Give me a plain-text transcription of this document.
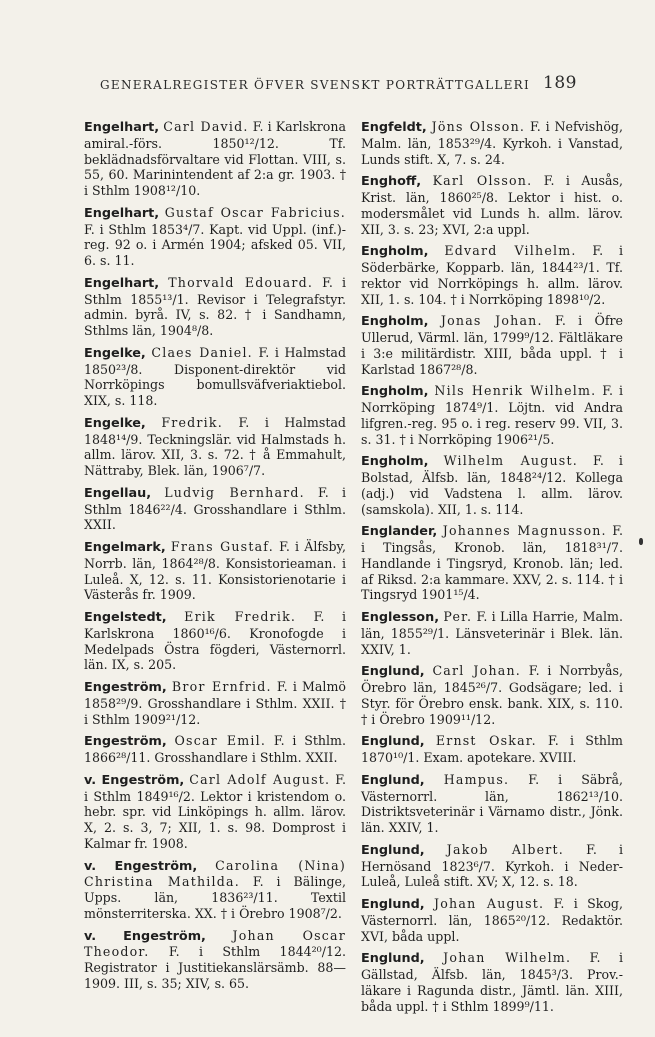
GENERALREGISTER ÖFVER SVENSKT PORTRÄTTGALLERI 189

Engelhart, Carl David. F. i Karlskrona amiral.-förs. 1850¹²/12. Tf. beklädnadsförvaltare vid Flottan. VIII, s. 55, 60. Marinintendent af 2:a gr. 1903. † i Sthlm 1908¹²/10.

Engelhart, Gustaf Oscar Fabricius. F. i Sthlm 1853⁴/7. Kapt. vid Uppl. (inf.)-reg. 92 o. i Armén 1904; afsked 05. VII, 6. s. 11.

Engelhart, Thorvald Edouard. F. i Sthlm 1855¹³/1. Revisor i Telegrafstyr. admin. byrå. IV, s. 82. † i Sandhamn, Sthlms län, 1904⁸/8.

Engelke, Claes Daniel. F. i Halmstad 1850²³/8. Disponent-direktör vid Norrköpings bomullsväfveriaktiebol. XIX, s. 118.

Engelke, Fredrik. F. i Halmstad 1848¹⁴/9. Teckningslär. vid Halmstads h. allm. lärov. XII, 3. s. 72. † å Emmahult, Nättraby, Blek. län, 1906⁷/7.

Engellau, Ludvig Bernhard. F. i Sthlm 1846²²/4. Grosshandlare i Sthlm. XXII.

Engelmark, Frans Gustaf. F. i Älfsby, Norrb. län, 1864²⁸/8. Konsistorieaman. i Luleå. X, 12. s. 11. Konsistorienotarie i Västerås fr. 1909.

Engelstedt, Erik Fredrik. F. i Karlskrona 1860¹⁶/6. Kronofogde i Medelpads Östra fögderi, Västernorrl. län. IX, s. 205.

Engeström, Bror Ernfrid. F. i Malmö 1858²⁹/9. Grosshandlare i Sthlm. XXII. † i Sthlm 1909²¹/12.

Engeström, Oscar Emil. F. i Sthlm. 1866²⁸/11. Grosshandlare i Sthlm. XXII.

v. Engeström, Carl Adolf August. F. i Sthlm 1849¹⁶/2. Lektor i kristendom o. hebr. spr. vid Linköpings h. allm. lärov. X, 2. s. 3, 7; XII, 1. s. 98. Domprost i Kalmar fr. 1908.

v. Engeström, Carolina (Nina) Christina Mathilda. F. i Bälinge, Upps. län, 1836²³/11. Textil mönsterriterska. XX. † i Örebro 1908⁷/2.

v. Engeström, Johan Oscar Theodor. F. i Sthlm 1844²⁰/12. Registrator i Justitiekanslärsämb. 88—1909. III, s. 35; XIV, s. 65.

Engfeldt, Jöns Olsson. F. i Nefvishög, Malm. län, 1853²⁹/4. Kyrkoh. i Vanstad, Lunds stift. X, 7. s. 24.

Enghoff, Karl Olsson. F. i Ausås, Krist. län, 1860²⁵/8. Lektor i hist. o. modersmålet vid Lunds h. allm. lärov. XII, 3. s. 23; XVI, 2:a uppl.

Engholm, Edvard Vilhelm. F. i Söderbärke, Kopparb. län, 1844²³/1. Tf. rektor vid Norrköpings h. allm. lärov. XII, 1. s. 104. † i Norrköping 1898¹⁰/2.

Engholm, Jonas Johan. F. i Öfre Ullerud, Värml. län, 1799⁹/12. Fältläkare i 3:e militärdistr. XIII, båda uppl. † i Karlstad 1867²⁸/8.

Engholm, Nils Henrik Wilhelm. F. i Norrköping 1874⁹/1. Löjtn. vid Andra lifgren.-reg. 95 o. i reg. reserv 99. VII, 3. s. 31. † i Norrköping 1906²¹/5.

Engholm, Wilhelm August. F. i Bolstad, Älfsb. län, 1848²⁴/12. Kollega (adj.) vid Vadstena l. allm. lärov. (samskola). XII, 1. s. 114.

Englander, Johannes Magnusson. F. i Tingsås, Kronob. län, 1818³¹/7. Handlande i Tingsryd, Kronob. län; led. af Riksd. 2:a kammare. XXV, 2. s. 114. † i Tingsryd 1901¹⁵/4.

Englesson, Per. F. i Lilla Harrie, Malm. län, 1855²⁹/1. Länsveterinär i Blek. län. XXIV, 1.

Englund, Carl Johan. F. i Norrbyås, Örebro län, 1845²⁶/7. Godsägare; led. i Styr. för Örebro ensk. bank. XIX, s. 110. † i Örebro 1909¹¹/12.

Englund, Ernst Oskar. F. i Sthlm 1870¹⁰/1. Exam. apotekare. XVIII.

Englund, Hampus. F. i Säbrå, Västernorrl. län, 1862¹³/10. Distriktsveterinär i Värnamo distr., Jönk. län. XXIV, 1.

Englund, Jakob Albert. F. i Hernösand 1823⁶/7. Kyrkoh. i Neder-Luleå, Luleå stift. XV; X, 12. s. 18.

Englund, Johan August. F. i Skog, Västernorrl. län, 1865²⁰/12. Redaktör. XVI, båda uppl.

Englund, Johan Wilhelm. F. i Gällstad, Älfsb. län, 1845³/3. Prov.-läkare i Ragunda distr., Jämtl. län. XIII, båda uppl. † i Sthlm 1899⁹/11.
